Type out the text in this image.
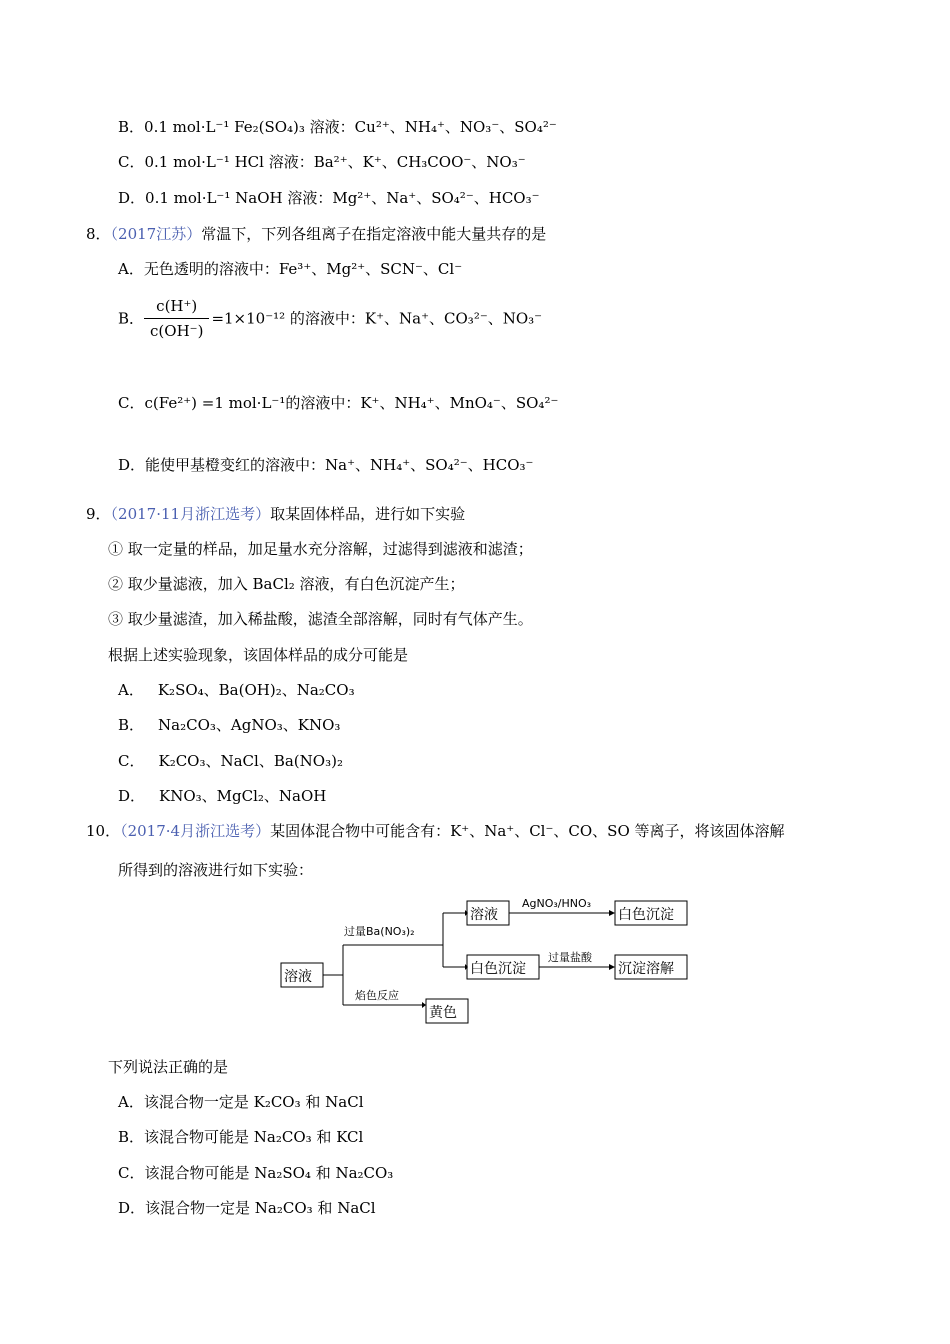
B．0.1 mol·L⁻¹ Fe₂(SO₄)₃ 溶液：Cu²⁺、NH₄⁺、NO₃⁻、SO₄²⁻
C．0.1 mol·L⁻¹ HCl 溶液：Ba²⁺、K⁺、CH₃COO⁻、NO₃⁻
D．0.1 mol·L⁻¹ NaOH 溶液：Mg²⁺、Na⁺、SO₄²⁻、HCO₃⁻
8．（2017江苏）常温下，下列各组离子在指定溶液中能大量共存的是
A．无色透明的溶液中：Fe³⁺、Mg²⁺、SCN⁻、Cl⁻
B． $\frac{c(H^+)}{c(OH^-)} =1\times 10^{-12}$ 的溶液中：K⁺、Na⁺、CO₃²⁻、NO₃⁻
C．c(Fe²⁺) =1 mol·L⁻¹的溶液中：K⁺、NH₄⁺、MnO₄⁻、SO₄²⁻
D．能使甲基橙变红的溶液中：Na⁺、NH₄⁺、SO₄²⁻、HCO₃⁻
9．（2017·11月浙江选考）取某固体样品，进行如下实验
① 取一定量的样品，加足量水充分溶解，过滤得到滤液和滤渣；
② 取少量滤液，加入 BaCl₂ 溶液，有白色沉淀产生；
③ 取少量滤渣，加入稀盐酸，滤渣全部溶解，同时有气体产生。
根据上述实验现象，该固体样品的成分可能是
A． K₂SO₄、Ba(OH)₂、Na₂CO₃
B． Na₂CO₃、AgNO₃、KNO₃
C． K₂CO₃、NaCl、Ba(NO₃)₂
D． KNO₃、MgCl₂、NaOH
10．（2017·4月浙江选考）某固体混合物中可能含有：K⁺、Na⁺、Cl⁻、CO、SO 等离子，将该固体溶解
所得到的溶液进行如下实验：
溶液
溶液	白色沉淀
白色沉淀	沉淀溶解
黄色
过量Ba(NO₃)₂
AgNO₃/HNO₃
过量盐酸
焰色反应
下列说法正确的是
A．该混合物一定是 K₂CO₃ 和 NaCl
B．该混合物可能是 Na₂CO₃ 和 KCl
C．该混合物可能是 Na₂SO₄ 和 Na₂CO₃
D．该混合物一定是 Na₂CO₃ 和 NaCl
